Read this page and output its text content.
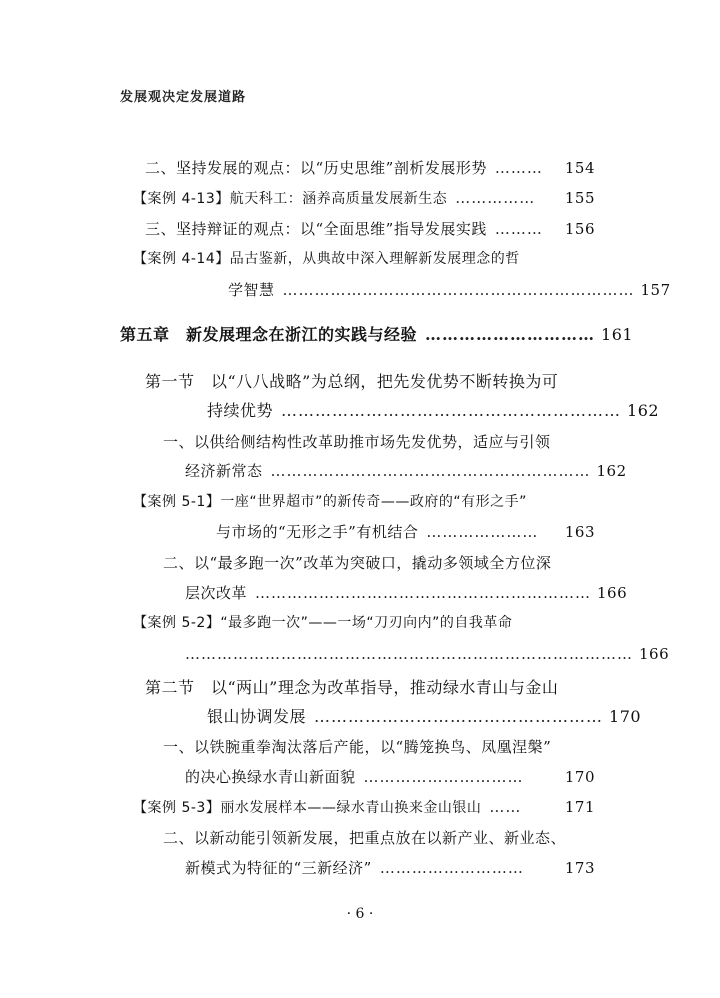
发展观决定发展道路
二、坚持发展的观点：以“历史思维”剖析发展形势 ………	154
【案例 4-13】航天科工：涵养高质量发展新生态 ……………	155
三、坚持辩证的观点：以“全面思维”指导发展实践 ………	156
【案例 4-14】品古鉴新，从典故中深入理解新发展理念的哲
学智慧 ………………………………………………………… 157
第五章　新发展理念在浙江的实践与经验 ………………………… 161
第一节　以“八八战略”为总纲，把先发优势不断转换为可
持续优势 …………………………………………………… 162
一、以供给侧结构性改革助推市场先发优势，适应与引领
经济新常态 …………………………………………………… 162
【案例 5-1】一座“世界超市”的新传奇——政府的“有形之手”
与市场的“无形之手”有机结合 …………………	163
二、以“最多跑一次”改革为突破口，撬动多领域全方位深
层次改革 ……………………………………………………… 166
【案例 5-2】“最多跑一次”——一场“刀刃向内”的自我革命
………………………………………………………………………… 166
第二节　以“两山”理念为改革指导，推动绿水青山与金山
银山协调发展 …………………………………………… 170
一、以铁腕重拳淘汰落后产能，以“腾笼换鸟、凤凰涅槃”
的决心换绿水青山新面貌 …………………………	170
【案例 5-3】丽水发展样本——绿水青山换来金山银山 ……	171
二、以新动能引领新发展，把重点放在以新产业、新业态、
新模式为特征的“三新经济” ………………………	173
· 6 ·
